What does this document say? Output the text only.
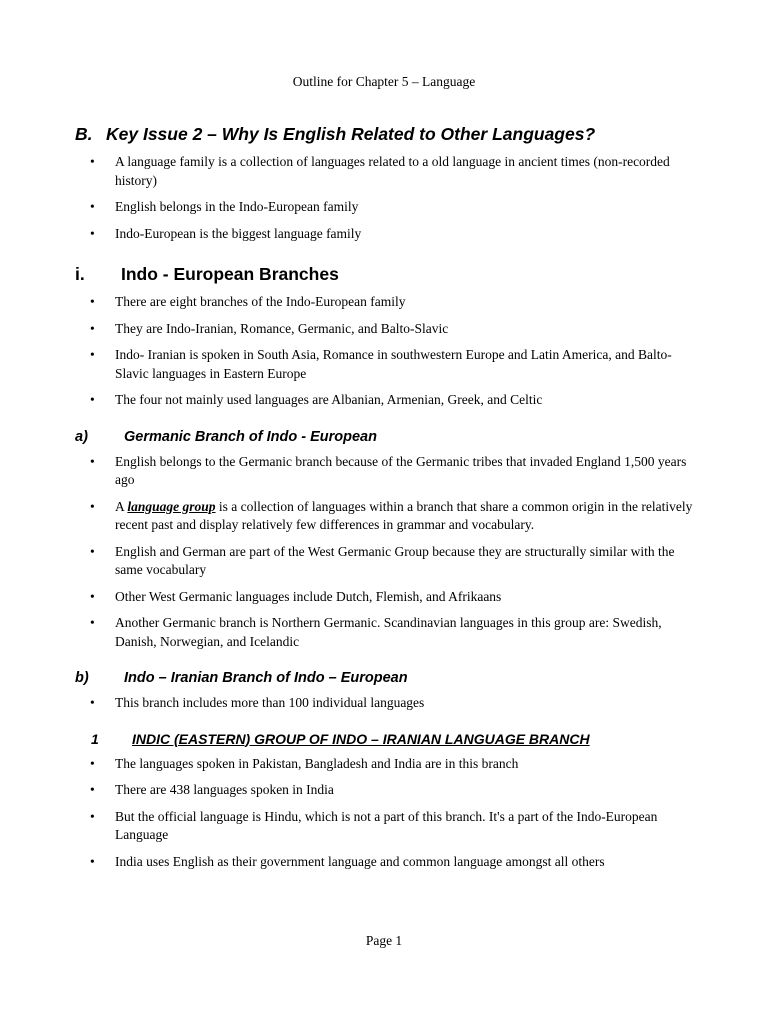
Outline for Chapter 5 – Language
B. Key Issue 2 – Why Is English Related to Other Languages?
• A language family is a collection of languages related to a old language in ancient times (non-recorded history)
• English belongs in the Indo-European family
• Indo-European is the biggest language family
i.	Indo - European Branches
• There are eight branches of the Indo-European family
• They are Indo-Iranian, Romance, Germanic, and Balto-Slavic
• Indo- Iranian is spoken in South Asia, Romance in southwestern Europe and Latin America, and Balto-Slavic languages in Eastern Europe
• The four not mainly used languages are Albanian, Armenian, Greek, and Celtic
a)	Germanic Branch of Indo - European
• English belongs to the Germanic branch because of the Germanic tribes that invaded England 1,500 years ago
• A language group is a collection of languages within a branch that share a common origin in the relatively recent past and display relatively few differences in grammar and vocabulary.
• English and German are part of the West Germanic Group because they are structurally similar with the same vocabulary
• Other West Germanic languages include Dutch, Flemish, and Afrikaans
• Another Germanic branch is Northern Germanic. Scandinavian languages in this group are: Swedish, Danish, Norwegian, and Icelandic
b)	Indo – Iranian Branch of Indo – European
• This branch includes more than 100 individual languages
1	INDIC (EASTERN) GROUP OF INDO – IRANIAN LANGUAGE BRANCH
• The languages spoken in Pakistan, Bangladesh and India are in this branch
• There are 438 languages spoken in India
• But the official language is Hindu, which is not a part of this branch. It's a part of the Indo-European Language
• India uses English as their government language and common language amongst all others
Page 1
